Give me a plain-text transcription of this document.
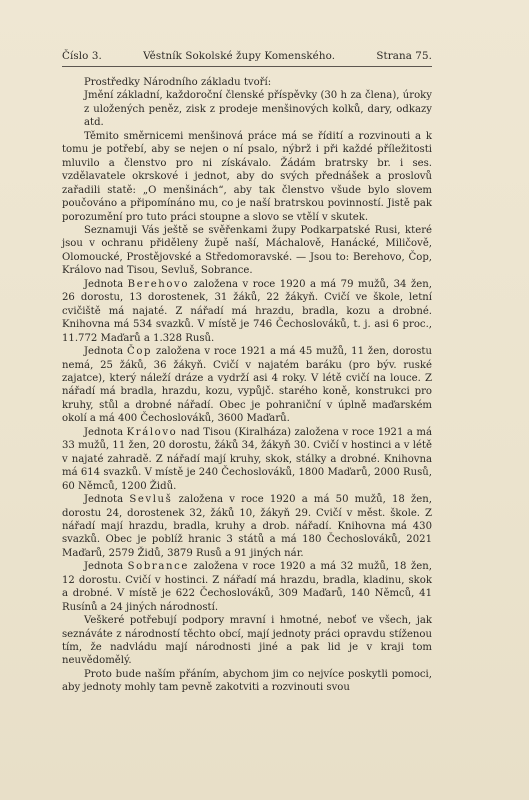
Číslo 3.	Věstník Sokolské župy Komenského.	Strana 75.

Prostředky Národního základu tvoří:

Jmění základní, každoroční členské příspěvky (30 h za člena), úroky z uložených peněz, zisk z prodeje menšinových kolků, dary, odkazy atd.

Těmito směrnicemi menšinová práce má se řídití a rozvinouti a k tomu je potřebí, aby se nejen o ní psalo, nýbrž i při každé příležitosti mluvilo a členstvo pro ni získávalo. Žádám bratrsky br. i ses. vzdělavatele okrskové i jednot, aby do svých přednášek a proslovů zařadili statě: „O menšinách“, aby tak členstvo všude bylo slovem poučováno a připomínáno mu, co je naší bratrskou povinností. Jistě pak porozumění pro tuto práci stoupne a slovo se vtělí v skutek.

Seznamuji Vás ještě se svěřenkami župy Podkarpatské Rusi, které jsou v ochranu přiděleny župě naší, Máchalově, Hanácké, Miličově, Olomoucké, Prostějovské a Středomoravské. — Jsou to: Berehovo, Čop, Královo nad Tisou, Sevluš, Sobrance.

Jednota Berehovo založena v roce 1920 a má 79 mužů, 34 žen, 26 dorostu, 13 dorostenek, 31 žáků, 22 žákyň. Cvičí ve škole, letní cvičiště má najaté. Z nářadí má hrazdu, bradla, kozu a drobné. Knihovna má 534 svazků. V místě je 746 Čechoslováků, t. j. asi 6 proc., 11.772 Maďarů a 1.328 Rusů.

Jednota Čop založena v roce 1921 a má 45 mužů, 11 žen, dorostu nemá, 25 žáků, 36 žákyň. Cvičí v najatém baráku (pro býv. ruské zajatce), který náleží dráze a vydrží asi 4 roky. V létě cvičí na louce. Z nářadí má bradla, hrazdu, kozu, vypůjč. starého koně, konstrukci pro kruhy, stůl a drobné nářadí. Obec je pohraniční v úplně maďarském okolí a má 400 Čechoslováků, 3600 Maďarů.

Jednota Královo nad Tisou (Kiralháza) založena v roce 1921 a má 33 mužů, 11 žen, 20 dorostu, žáků 34, žákyň 30. Cvičí v hostinci a v létě v najaté zahradě. Z nářadí mají kruhy, skok, stálky a drobné. Knihovna má 614 svazků. V místě je 240 Čechoslováků, 1800 Maďarů, 2000 Rusů, 60 Němců, 1200 Židů.

Jednota Sevluš založena v roce 1920 a má 50 mužů, 18 žen, dorostu 24, dorostenek 32, žáků 10, žákyň 29. Cvičí v měst. škole. Z nářadí mají hrazdu, bradla, kruhy a drob. nářadí. Knihovna má 430 svazků. Obec je poblíž hranic 3 států a má 180 Čechoslováků, 2021 Maďarů, 2579 Židů, 3879 Rusů a 91 jiných nár.

Jednota Sobrance založena v roce 1920 a má 32 mužů, 18 žen, 12 dorostu. Cvičí v hostinci. Z nářadí má hrazdu, bradla, kladinu, skok a drobné. V místě je 622 Čechoslováků, 309 Maďarů, 140 Němců, 41 Rusínů a 24 jiných národností.

Veškeré potřebují podpory mravní i hmotné, neboť ve všech, jak seznáváte z národností těchto obcí, mají jednoty práci opravdu stíženou tím, že nadvládu mají národnosti jiné a pak lid je v kraji tom neuvědomělý.

Proto bude naším přáním, abychom jim co nejvíce poskytli pomoci, aby jednoty mohly tam pevně zakotviti a rozvinouti svou
